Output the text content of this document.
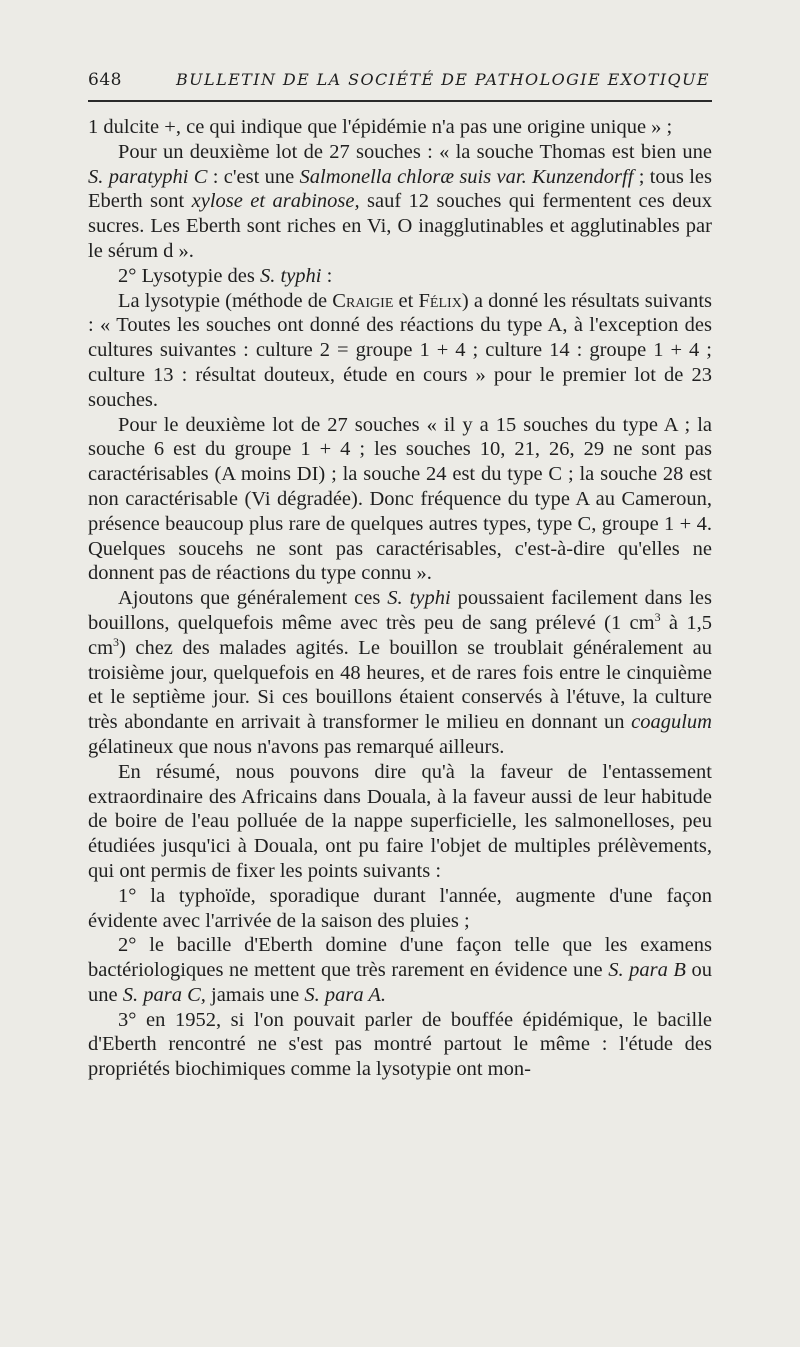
648	BULLETIN DE LA SOCIÉTÉ DE PATHOLOGIE EXOTIQUE

1 dulcite +, ce qui indique que l'épidémie n'a pas une origine unique » ;

Pour un deuxième lot de 27 souches : « la souche Thomas est bien une S. paratyphi C : c'est une Salmonella chloræ suis var. Kunzendorff ; tous les Eberth sont xylose et arabinose, sauf 12 souches qui fermentent ces deux sucres. Les Eberth sont riches en Vi, O inagglutinables et agglutinables par le sérum d ».

2° Lysotypie des S. typhi :

La lysotypie (méthode de Craigie et Félix) a donné les résultats suivants : « Toutes les souches ont donné des réactions du type A, à l'exception des cultures suivantes : culture 2 = groupe 1 + 4 ; culture 14 : groupe 1 + 4 ; culture 13 : résultat douteux, étude en cours » pour le premier lot de 23 souches.

Pour le deuxième lot de 27 souches « il y a 15 souches du type A ; la souche 6 est du groupe 1 + 4 ; les souches 10, 21, 26, 29 ne sont pas caractérisables (A moins DI) ; la souche 24 est du type C ; la souche 28 est non caractérisable (Vi dégradée). Donc fréquence du type A au Cameroun, présence beaucoup plus rare de quelques autres types, type C, groupe 1 + 4. Quelques soucehs ne sont pas caractérisables, c'est-à-dire qu'elles ne donnent pas de réactions du type connu ».

Ajoutons que généralement ces S. typhi poussaient facilement dans les bouillons, quelquefois même avec très peu de sang prélevé (1 $cm^3$ à 1,5 $cm^3$) chez des malades agités. Le bouillon se troublait généralement au troisième jour, quelquefois en 48 heures, et de rares fois entre le cinquième et le septième jour. Si ces bouillons étaient conservés à l'étuve, la culture très abondante en arrivait à transformer le milieu en donnant un coagulum gélatineux que nous n'avons pas remarqué ailleurs.

En résumé, nous pouvons dire qu'à la faveur de l'entassement extraordinaire des Africains dans Douala, à la faveur aussi de leur habitude de boire de l'eau polluée de la nappe superficielle, les salmonelloses, peu étudiées jusqu'ici à Douala, ont pu faire l'objet de multiples prélèvements, qui ont permis de fixer les points suivants :

1° la typhoïde, sporadique durant l'année, augmente d'une façon évidente avec l'arrivée de la saison des pluies ;

2° le bacille d'Eberth domine d'une façon telle que les examens bactériologiques ne mettent que très rarement en évidence une S. para B ou une S. para C, jamais une S. para A.

3° en 1952, si l'on pouvait parler de bouffée épidémique, le bacille d'Eberth rencontré ne s'est pas montré partout le même : l'étude des propriétés biochimiques comme la lysotypie ont mon-
